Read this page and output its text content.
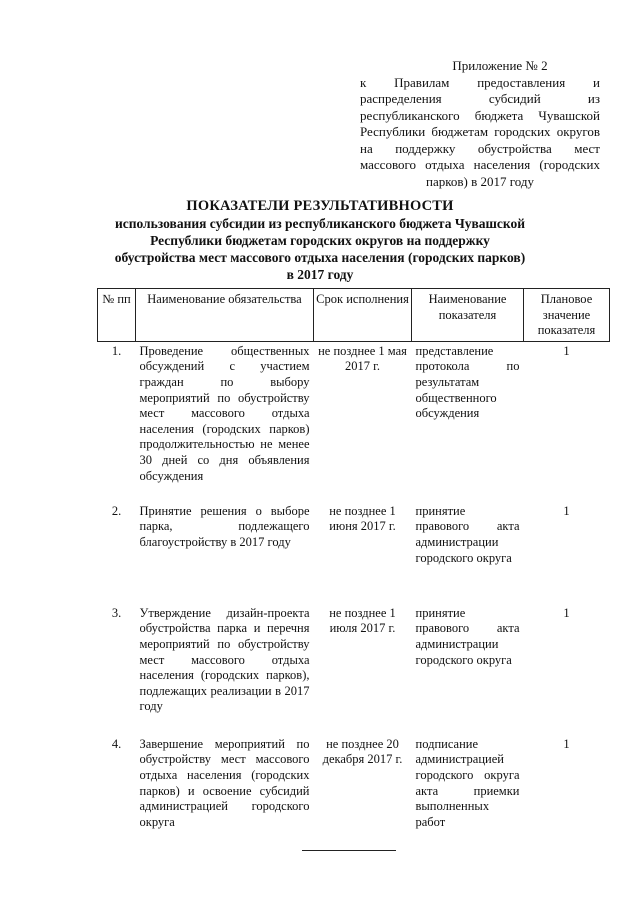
Приложение № 2
к Правилам предоставления и распределения субсидий из республиканского бюджета Чувашской Республики бюджетам городских округов на поддержку обустройства мест массового отдыха населения (городских парков) в 2017 году
ПОКАЗАТЕЛИ РЕЗУЛЬТАТИВНОСТИ
использования субсидии из республиканского бюджета Чувашской Республики бюджетам городских округов на поддержку обустройства мест массового отдыха населения (городских парков) в 2017 году
№ пп	Наименование обязательства	Срок исполнения	Наименование показателя	Плановое значение показателя
1.	Проведение общественных обсуждений с участием граждан по выбору мероприятий по обустройству мест массового отдыха населения (городских парков) продолжительностью не менее 30 дней со дня объявления обсуждения	не позднее 1 мая 2017 г.	представление протокола по результатам общественного обсуждения	1
2.	Принятие решения о выборе парка, подлежащего благоустройству в 2017 году	не позднее 1 июня 2017 г.	принятие правового акта администрации городского округа	1
3.	Утверждение дизайн-проекта обустройства парка и перечня мероприятий по обустройству мест массового отдыха населения (городских парков), подлежащих реализации в 2017 году	не позднее 1 июля 2017 г.	принятие правового акта администрации городского округа	1
4.	Завершение мероприятий по обустройству мест массового отдыха населения (городских парков) и освоение субсидий администрацией городского округа	не позднее 20 декабря 2017 г.	подписание администрацией городского округа акта приемки выполненных работ	1
